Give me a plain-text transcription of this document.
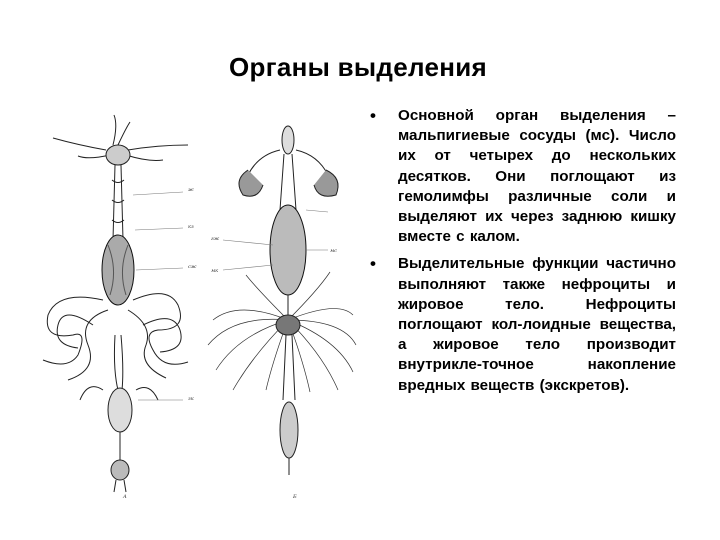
Органы выделения
ж
кз
сж
зк
гж
мк
мс
А	Б
• Основной орган выделения – мальпигиевые сосуды (мс). Число их от четырех до нескольких десятков. Они поглощают из гемолимфы различные соли и выделяют их через заднюю кишку вместе с калом.
• Выделительные функции частично выполняют также нефроциты и жировое тело. Нефроциты поглощают кол-лоидные вещества, а жировое тело производит внутрикле-точное накопление вредных веществ (экскретов).
